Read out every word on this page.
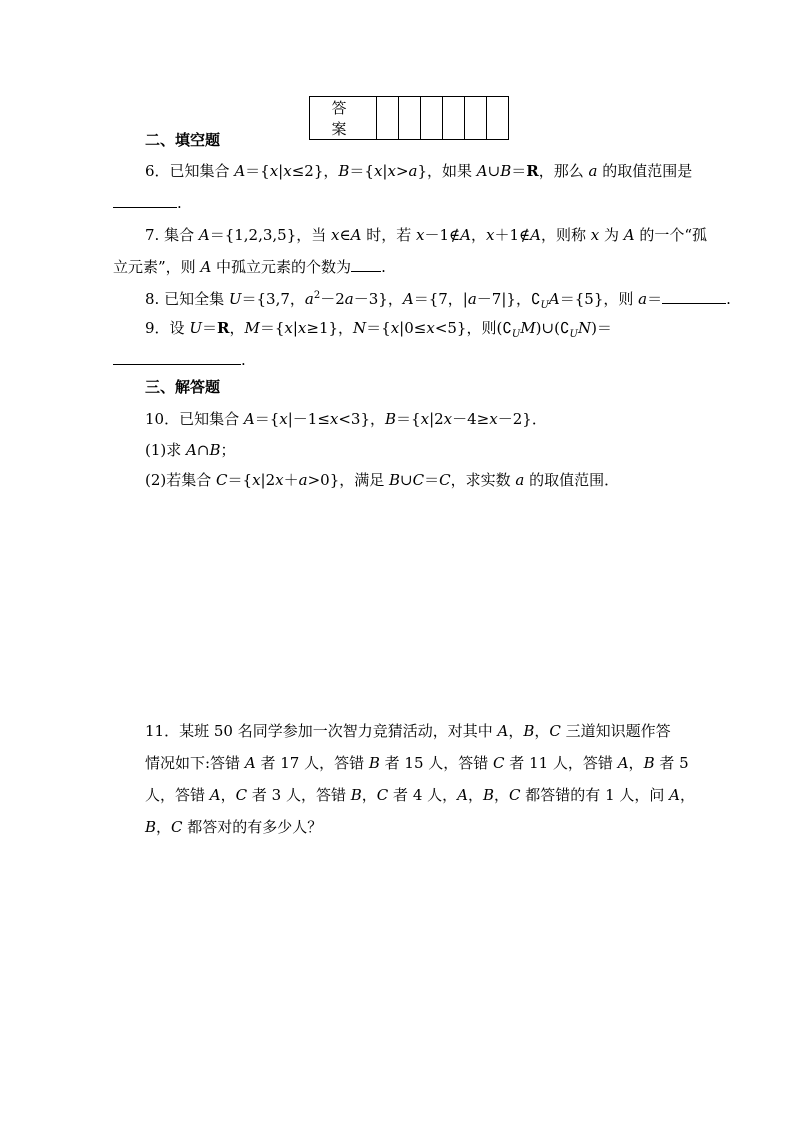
答　案						
二、填空题
6．已知集合 A＝{x|x≤2}，B＝{x|x>a}，如果 A∪B＝R，那么 a 的取值范围是
.
7. 集合 A＝{1,2,3,5}，当 x∈A 时，若 x－1∉A，x＋1∉A，则称 x 为 A 的一个“孤
立元素”，则 A 中孤立元素的个数为 .
8. 已知全集 U＝{3,7，$a^2-2a-3$}，A＝{7，|a－7|}，$∁_UA=\{5\}$，则 a＝	.
9．设 U＝R，M＝{x|x≥1}，N＝{x|0≤x<5}，则$(∁_UM)\cup(∁_UN)=$
.
三、解答题
10．已知集合 A＝{x|－1≤x<3}，B＝{x|2x－4≥x－2}．
(1)求 A∩B；
(2)若集合 C＝{x|2x＋a>0}，满足 B∪C＝C，求实数 a 的取值范围．
11．某班 50 名同学参加一次智力竞猜活动，对其中 A，B，C 三道知识题作答
情况如下:答错 A 者 17 人，答错 B 者 15 人，答错 C 者 11 人，答错 A，B 者 5
人，答错 A，C 者 3 人，答错 B，C 者 4 人，A，B，C 都答错的有 1 人，问 A，
B，C 都答对的有多少人？
